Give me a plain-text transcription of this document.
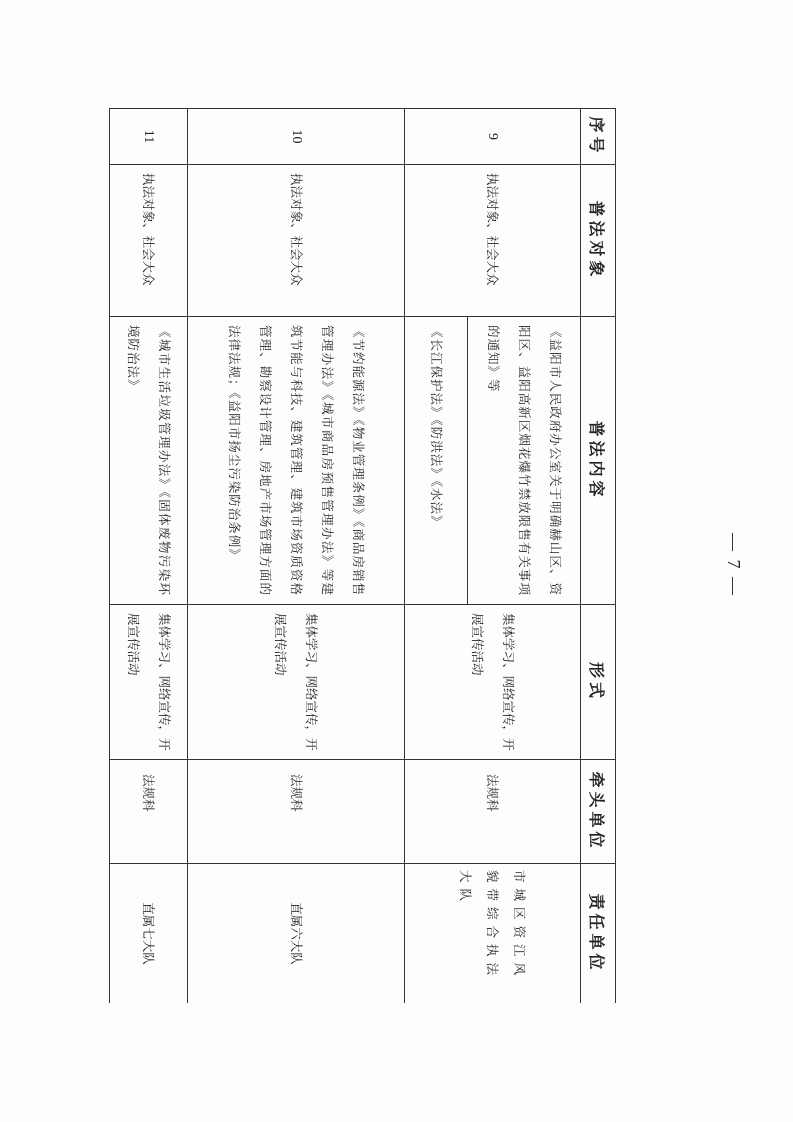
序号	普法对象	普法内容	形式	牵头单位	责任单位
9	执法对象、社会大众	《益阳市人民政府办公室关于明确赫山区、资阳区、益阳高新区烟花爆竹禁放限售有关事项的通知》等	集体学习、网络宣传，开展宣传活动	法规科	市城区资江风貌带综合执法大队
		《长江保护法》《防洪法》《水法》			
10	执法对象、社会大众	《节约能源法》《物业管理条例》《商品房销售管理办法》《城市商品房预售管理办法》等建筑节能与科技、建筑管理、建筑市场资质资格管理、勘察设计管理、房地产市场管理方面的法律法规；《益阳市扬尘污染防治条例》	集体学习、网络宣传，开展宣传活动	法规科	直属六大队
11	执法对象、社会大众	《城市生活垃圾管理办法》《固体废物污染环境防治法》	集体学习、网络宣传，开展宣传活动	法规科	直属七大队
— 7 —
